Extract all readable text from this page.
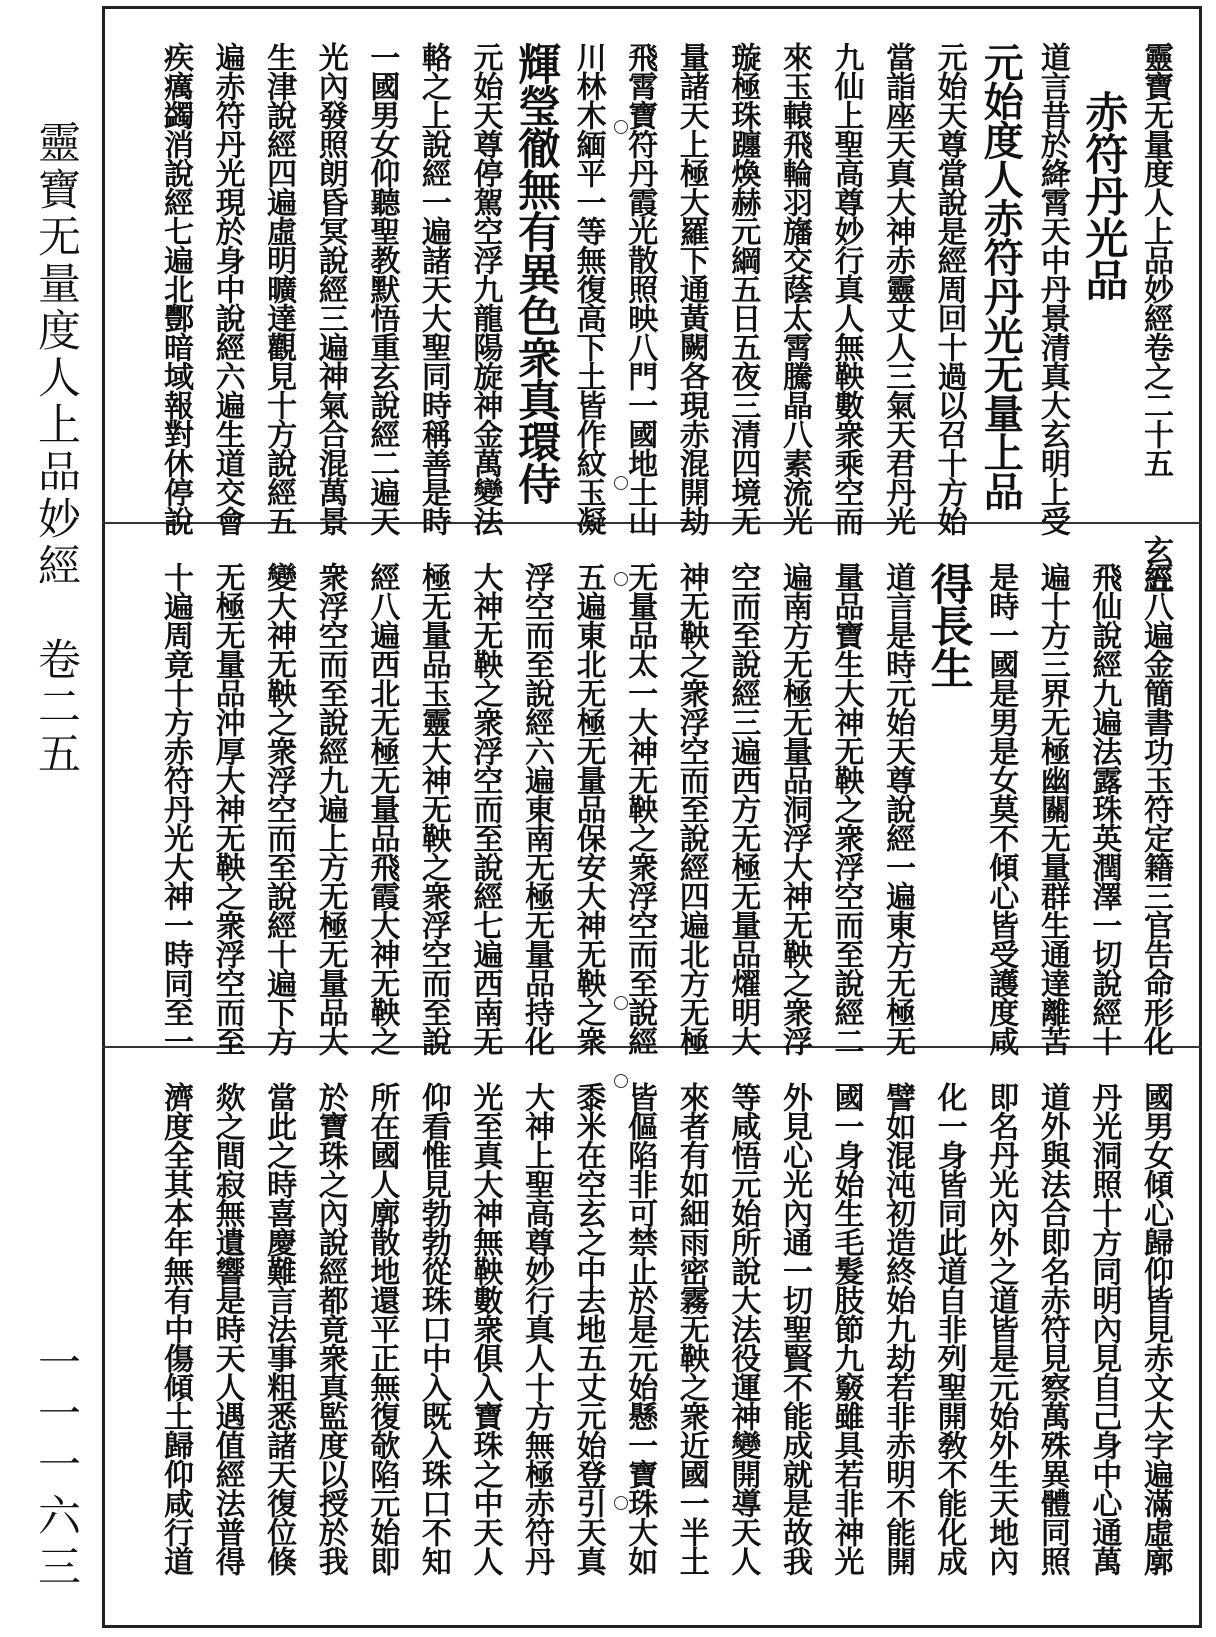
靈寶无量度人上品妙經　卷二五
一一一六三
靈寶无量度人上品妙經卷之二十五　　玄五
赤符丹光品
道言昔於絳霄天中丹景清真大玄明上受
元始度人赤符丹光无量上品
元始天尊當說是經周回十過以召十方始
當詣座天真大神赤靈丈人三氣天君丹光
九仙上聖高尊妙行真人無鞅數衆乘空而
來玉轅飛輪羽旛交蔭太霄騰晶八素流光
璇極珠躔煥赫元綱五日五夜三清四境无
量諸天上極大羅下通黃闕各現赤混開劫
飛霄寶符丹霞光散照映八門一國地土山
川林木緬平一等無復高下土皆作紋玉凝
輝瑩徹無有異色衆真環侍
元始天尊停駕空浮九龍陽旋神金萬變法
輅之上說經一遍諸天大聖同時稱善是時
一國男女仰聽聖教默悟重玄說經二遍天
光內發照朗昏冥說經三遍神氣合混萬景
生津說經四遍虛明曠達觀見十方說經五
遍赤符丹光現於身中說經六遍生道交會
疾癘蠲消說經七遍北酆暗域報對休停說
經八遍金簡書功玉符定籍三官告命形化
飛仙說經九遍法露珠英潤澤一切說經十
遍十方三界无極幽關无量群生通達離苦
是時一國是男是女莫不傾心皆受護度咸
得長生
道言是時元始天尊說經一遍東方无極无
量品寶生大神无鞅之衆浮空而至說經二
遍南方无極无量品洞浮大神无鞅之衆浮
空而至說經三遍西方无極无量品燿明大
神无鞅之衆浮空而至說經四遍北方无極
无量品太一大神无鞅之衆浮空而至說經
五遍東北无極无量品保安大神无鞅之衆
浮空而至說經六遍東南无極无量品持化
大神无鞅之衆浮空而至說經七遍西南无
極无量品玉靈大神无鞅之衆浮空而至說
經八遍西北无極无量品飛霞大神无鞅之
衆浮空而至說經九遍上方无極无量品大
變大神无鞅之衆浮空而至說經十遍下方
无極无量品沖厚大神无鞅之衆浮空而至
十遍周竟十方赤符丹光大神一時同至一
國男女傾心歸仰皆見赤文大字遍滿虛廓
丹光洞照十方同明內見自己身中心通萬
道外與法合即名赤符見察萬殊異體同照
即名丹光內外之道皆是元始外生天地內
化一身皆同此道自非列聖開敎不能化成
譬如混沌初造終始九劫若非赤明不能開
國一身始生毛髮肢節九竅雖具若非神光
外見心光內通一切聖賢不能成就是故我
等咸悟元始所說大法役運神變開導天人
來者有如細雨密霧无鞅之衆近國一半土
皆傴陷非可禁止於是元始懸一寶珠大如
黍米在空玄之中去地五丈元始登引天真
大神上聖高尊妙行真人十方無極赤符丹
光至真大神無鞅數衆俱入寶珠之中天人
仰看惟見勃勃從珠口中入既入珠口不知
所在國人廓散地還平正無復欹陷元始即
於寶珠之內說經都竟衆真監度以授於我
當此之時喜慶難言法事粗悉諸天復位倏
欻之間寂無遺響是時天人遇值經法普得
濟度全其本年無有中傷傾土歸仰咸行道
